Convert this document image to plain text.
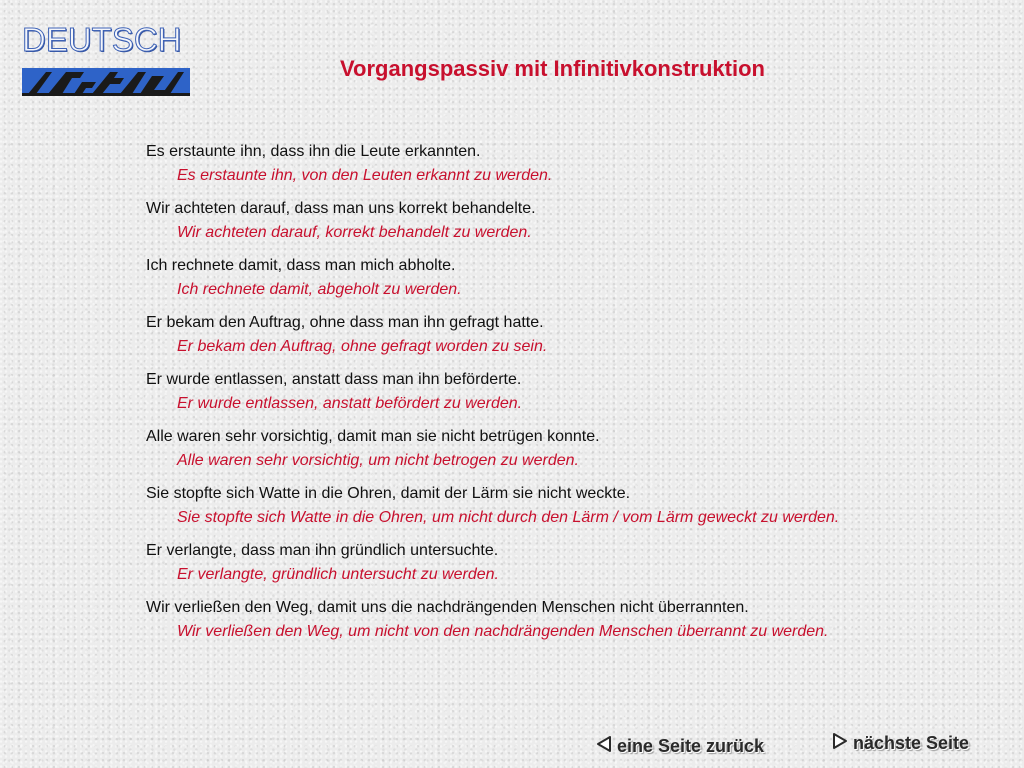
DEUTSCH
Vorgangspassiv mit Infinitivkonstruktion
Es erstaunte ihn, dass ihn die Leute erkannten.
Es erstaunte ihn, von den Leuten erkannt zu werden.
Wir achteten darauf, dass man uns korrekt behandelte.
Wir achteten darauf, korrekt behandelt zu werden.
Ich rechnete damit, dass man mich abholte.
Ich rechnete damit, abgeholt zu werden.
Er bekam den Auftrag, ohne dass man ihn gefragt hatte.
Er bekam den Auftrag, ohne gefragt worden zu sein.
Er wurde entlassen, anstatt dass man ihn beförderte.
Er wurde entlassen, anstatt befördert zu werden.
Alle waren sehr vorsichtig, damit man sie nicht betrügen konnte.
Alle waren sehr vorsichtig, um nicht betrogen zu werden.
Sie stopfte sich Watte in die Ohren, damit der Lärm sie nicht weckte.
Sie stopfte sich Watte in die Ohren, um nicht durch den Lärm / vom Lärm geweckt zu werden.
Er verlangte, dass man ihn gründlich untersuchte.
Er verlangte, gründlich untersucht zu werden.
Wir verließen den Weg, damit uns die nachdrängenden Menschen nicht überrannten.
Wir verließen den Weg, um nicht von den nachdrängenden Menschen überrannt zu werden.
eine Seite zurück	nächste Seite
